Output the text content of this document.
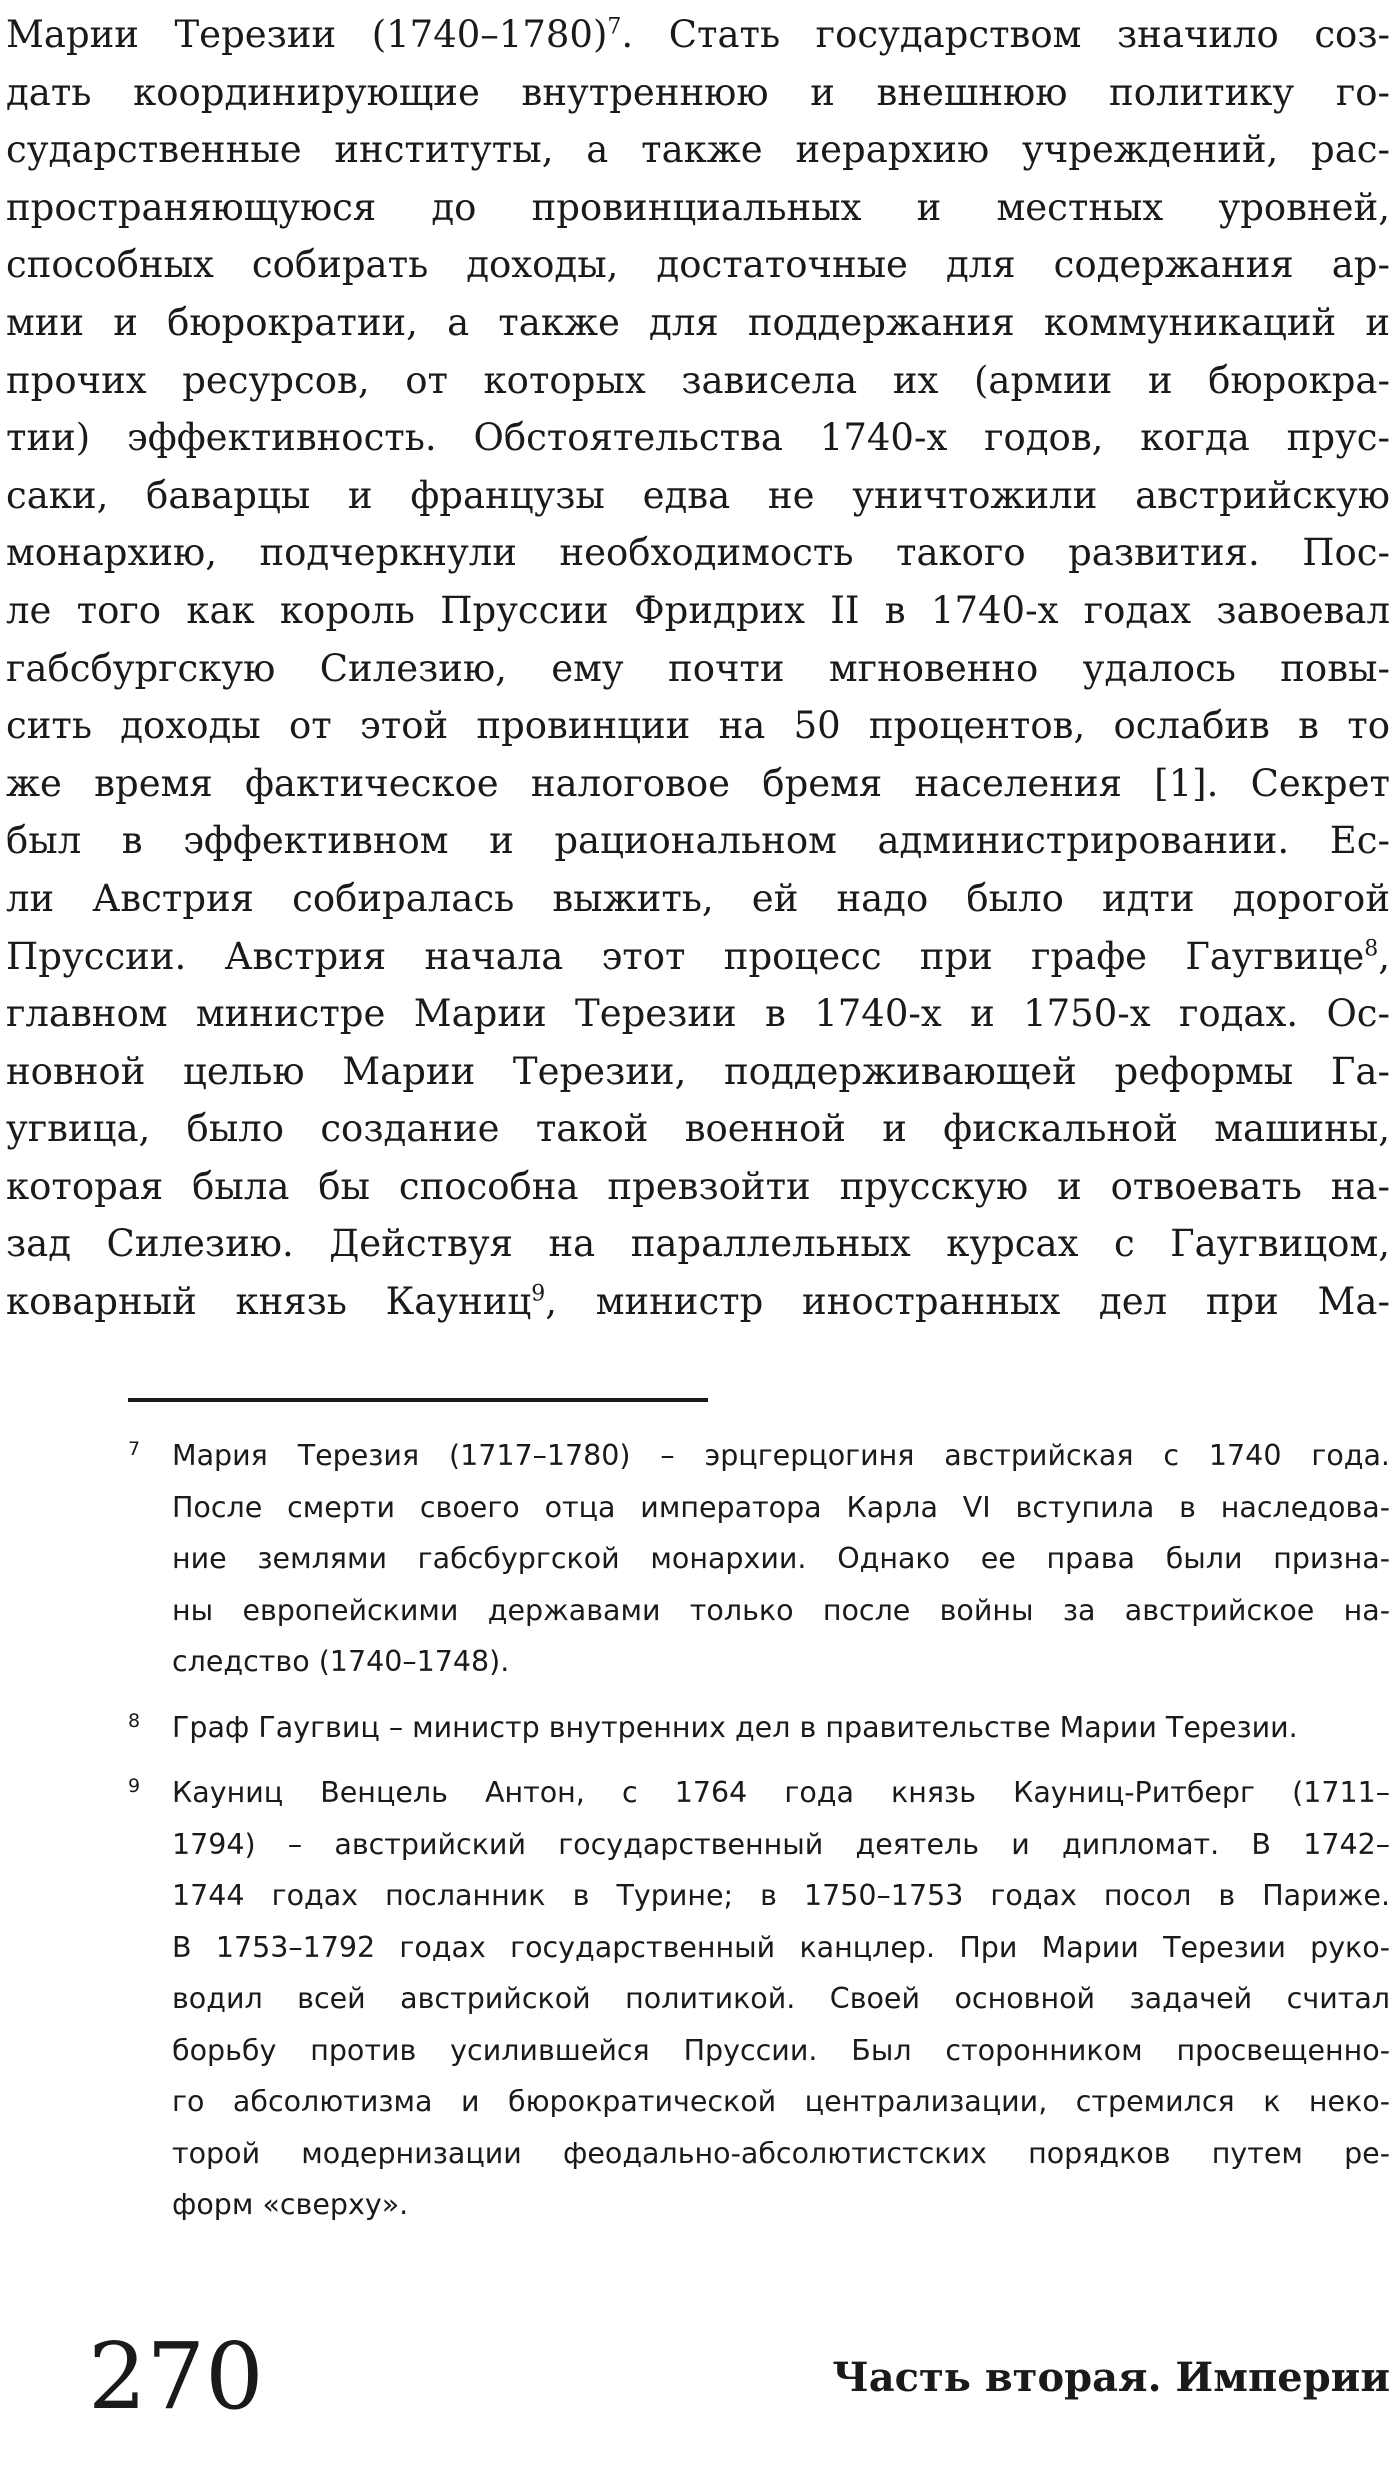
Марии Терезии (1740–1780)$^7$. Стать государством значило соз-
дать координирующие внутреннюю и внешнюю политику го-
сударственные институты, а также иерархию учреждений, рас-
пространяющуюся до провинциальных и местных уровней,
способных собирать доходы, достаточные для содержания ар-
мии и бюрократии, а также для поддержания коммуникаций и
прочих ресурсов, от которых зависела их (армии и бюрокра-
тии) эффективность. Обстоятельства 1740-х годов, когда прус-
саки, баварцы и французы едва не уничтожили австрийскую
монархию, подчеркнули необходимость такого развития. Пос-
ле того как король Пруссии Фридрих II в 1740-х годах завоевал
габсбургскую Силезию, ему почти мгновенно удалось повы-
сить доходы от этой провинции на 50 процентов, ослабив в то
же время фактическое налоговое бремя населения [1]. Секрет
был в эффективном и рациональном администрировании. Ес-
ли Австрия собиралась выжить, ей надо было идти дорогой
Пруссии. Австрия начала этот процесс при графе Гаугвице$^8$,
главном министре Марии Терезии в 1740-х и 1750-х годах. Ос-
новной целью Марии Терезии, поддерживающей реформы Га-
угвица, было создание такой военной и фискальной машины,
которая была бы способна превзойти прусскую и отвоевать на-
зад Силезию. Действуя на параллельных курсах с Гаугвицом,
коварный князь Кауниц$^9$, министр иностранных дел при Ма-
7 Мария Терезия (1717–1780) – эрцгерцогиня австрийская с 1740 года.
После смерти своего отца императора Карла VI вступила в наследова-
ние землями габсбургской монархии. Однако ее права были призна-
ны европейскими державами только после войны за австрийское на-
следство (1740–1748).
8 Граф Гаугвиц – министр внутренних дел в правительстве Марии Терезии.
9 Кауниц Венцель Антон, с 1764 года князь Кауниц-Ритберг (1711–
1794) – австрийский государственный деятель и дипломат. В 1742–
1744 годах посланник в Турине; в 1750–1753 годах посол в Париже.
В 1753–1792 годах государственный канцлер. При Марии Терезии руко-
водил всей австрийской политикой. Своей основной задачей считал
борьбу против усилившейся Пруссии. Был сторонником просвещенно-
го абсолютизма и бюрократической централизации, стремился к неко-
торой модернизации феодально-абсолютистских порядков путем ре-
форм «сверху».
270	Часть вторая. Империи
